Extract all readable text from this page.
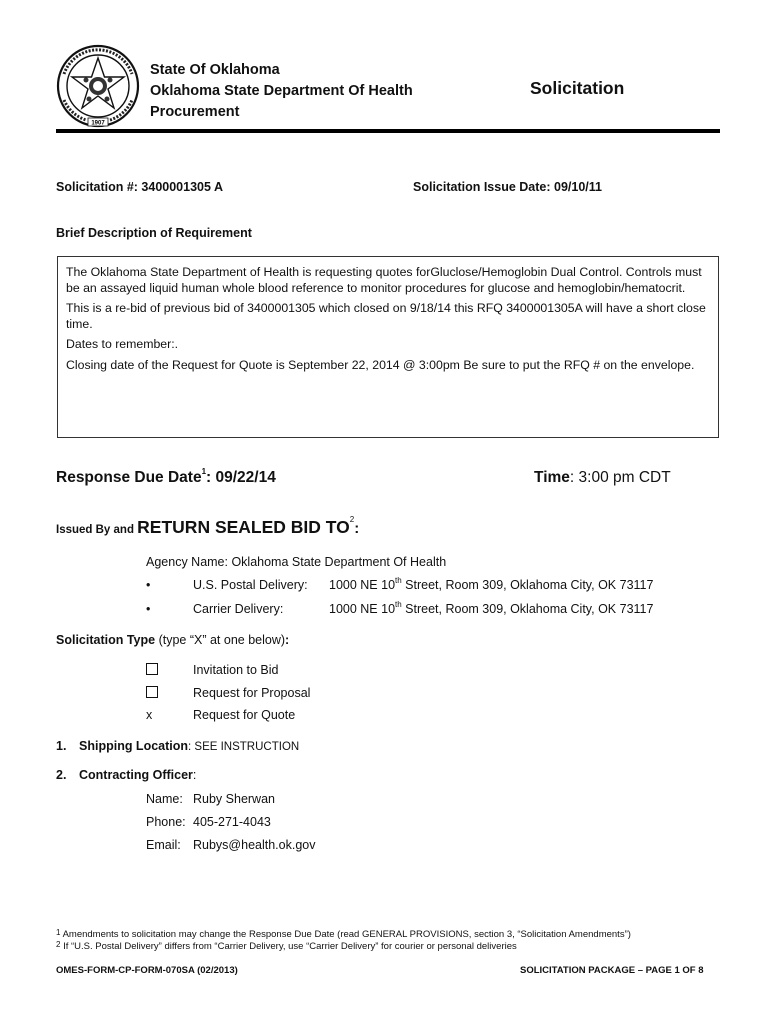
1907
State Of Oklahoma
Oklahoma State Department Of Health
Procurement
Solicitation
Solicitation #: 3400001305 A	Solicitation Issue Date: 09/10/11
Brief Description of Requirement

The Oklahoma State Department of Health is requesting quotes forGluclose/Hemoglobin Dual Control. Controls must be an assayed liquid human whole blood reference to monitor procedures for glucose and hemoglobin/hematocrit.

This is a re-bid of previous bid of 3400001305 which closed on 9/18/14 this RFQ 3400001305A will have a short close time.

Dates to remember:.

Closing date of the Request for Quote is September 22, 2014 @ 3:00pm Be sure to put the RFQ # on the envelope.

Response Due Date$^1$: 09/22/14	Time: 3:00 pm CDT
Issued By and RETURN SEALED BID $TO^2$:
Agency Name: Oklahoma State Department Of Health
•	U.S. Postal Delivery: 1000 NE 10th Street, Room 309, Oklahoma City, OK 73117
•	Carrier Delivery:	1000 NE 10th Street, Room 309, Oklahoma City, OK 73117
Solicitation Type (type “X” at one below):
Invitation to Bid
Request for Proposal
x	Request for Quote
1. Shipping Location: SEE INSTRUCTION
2. Contracting Officer:
Name: Ruby Sherwan
Phone: 405-271-4043
Email: Rubys@health.ok.gov
$^1$ Amendments to solicitation may change the Response Due Date (read GENERAL PROVISIONS, section 3, “Solicitation Amendments”)
$^2$ If “U.S. Postal Delivery” differs from “Carrier Delivery, use “Carrier Delivery” for courier or personal deliveries
OMES-FORM-CP-FORM-070SA (02/2013)	SOLICITATION PACKAGE – PAGE 1 OF 8
